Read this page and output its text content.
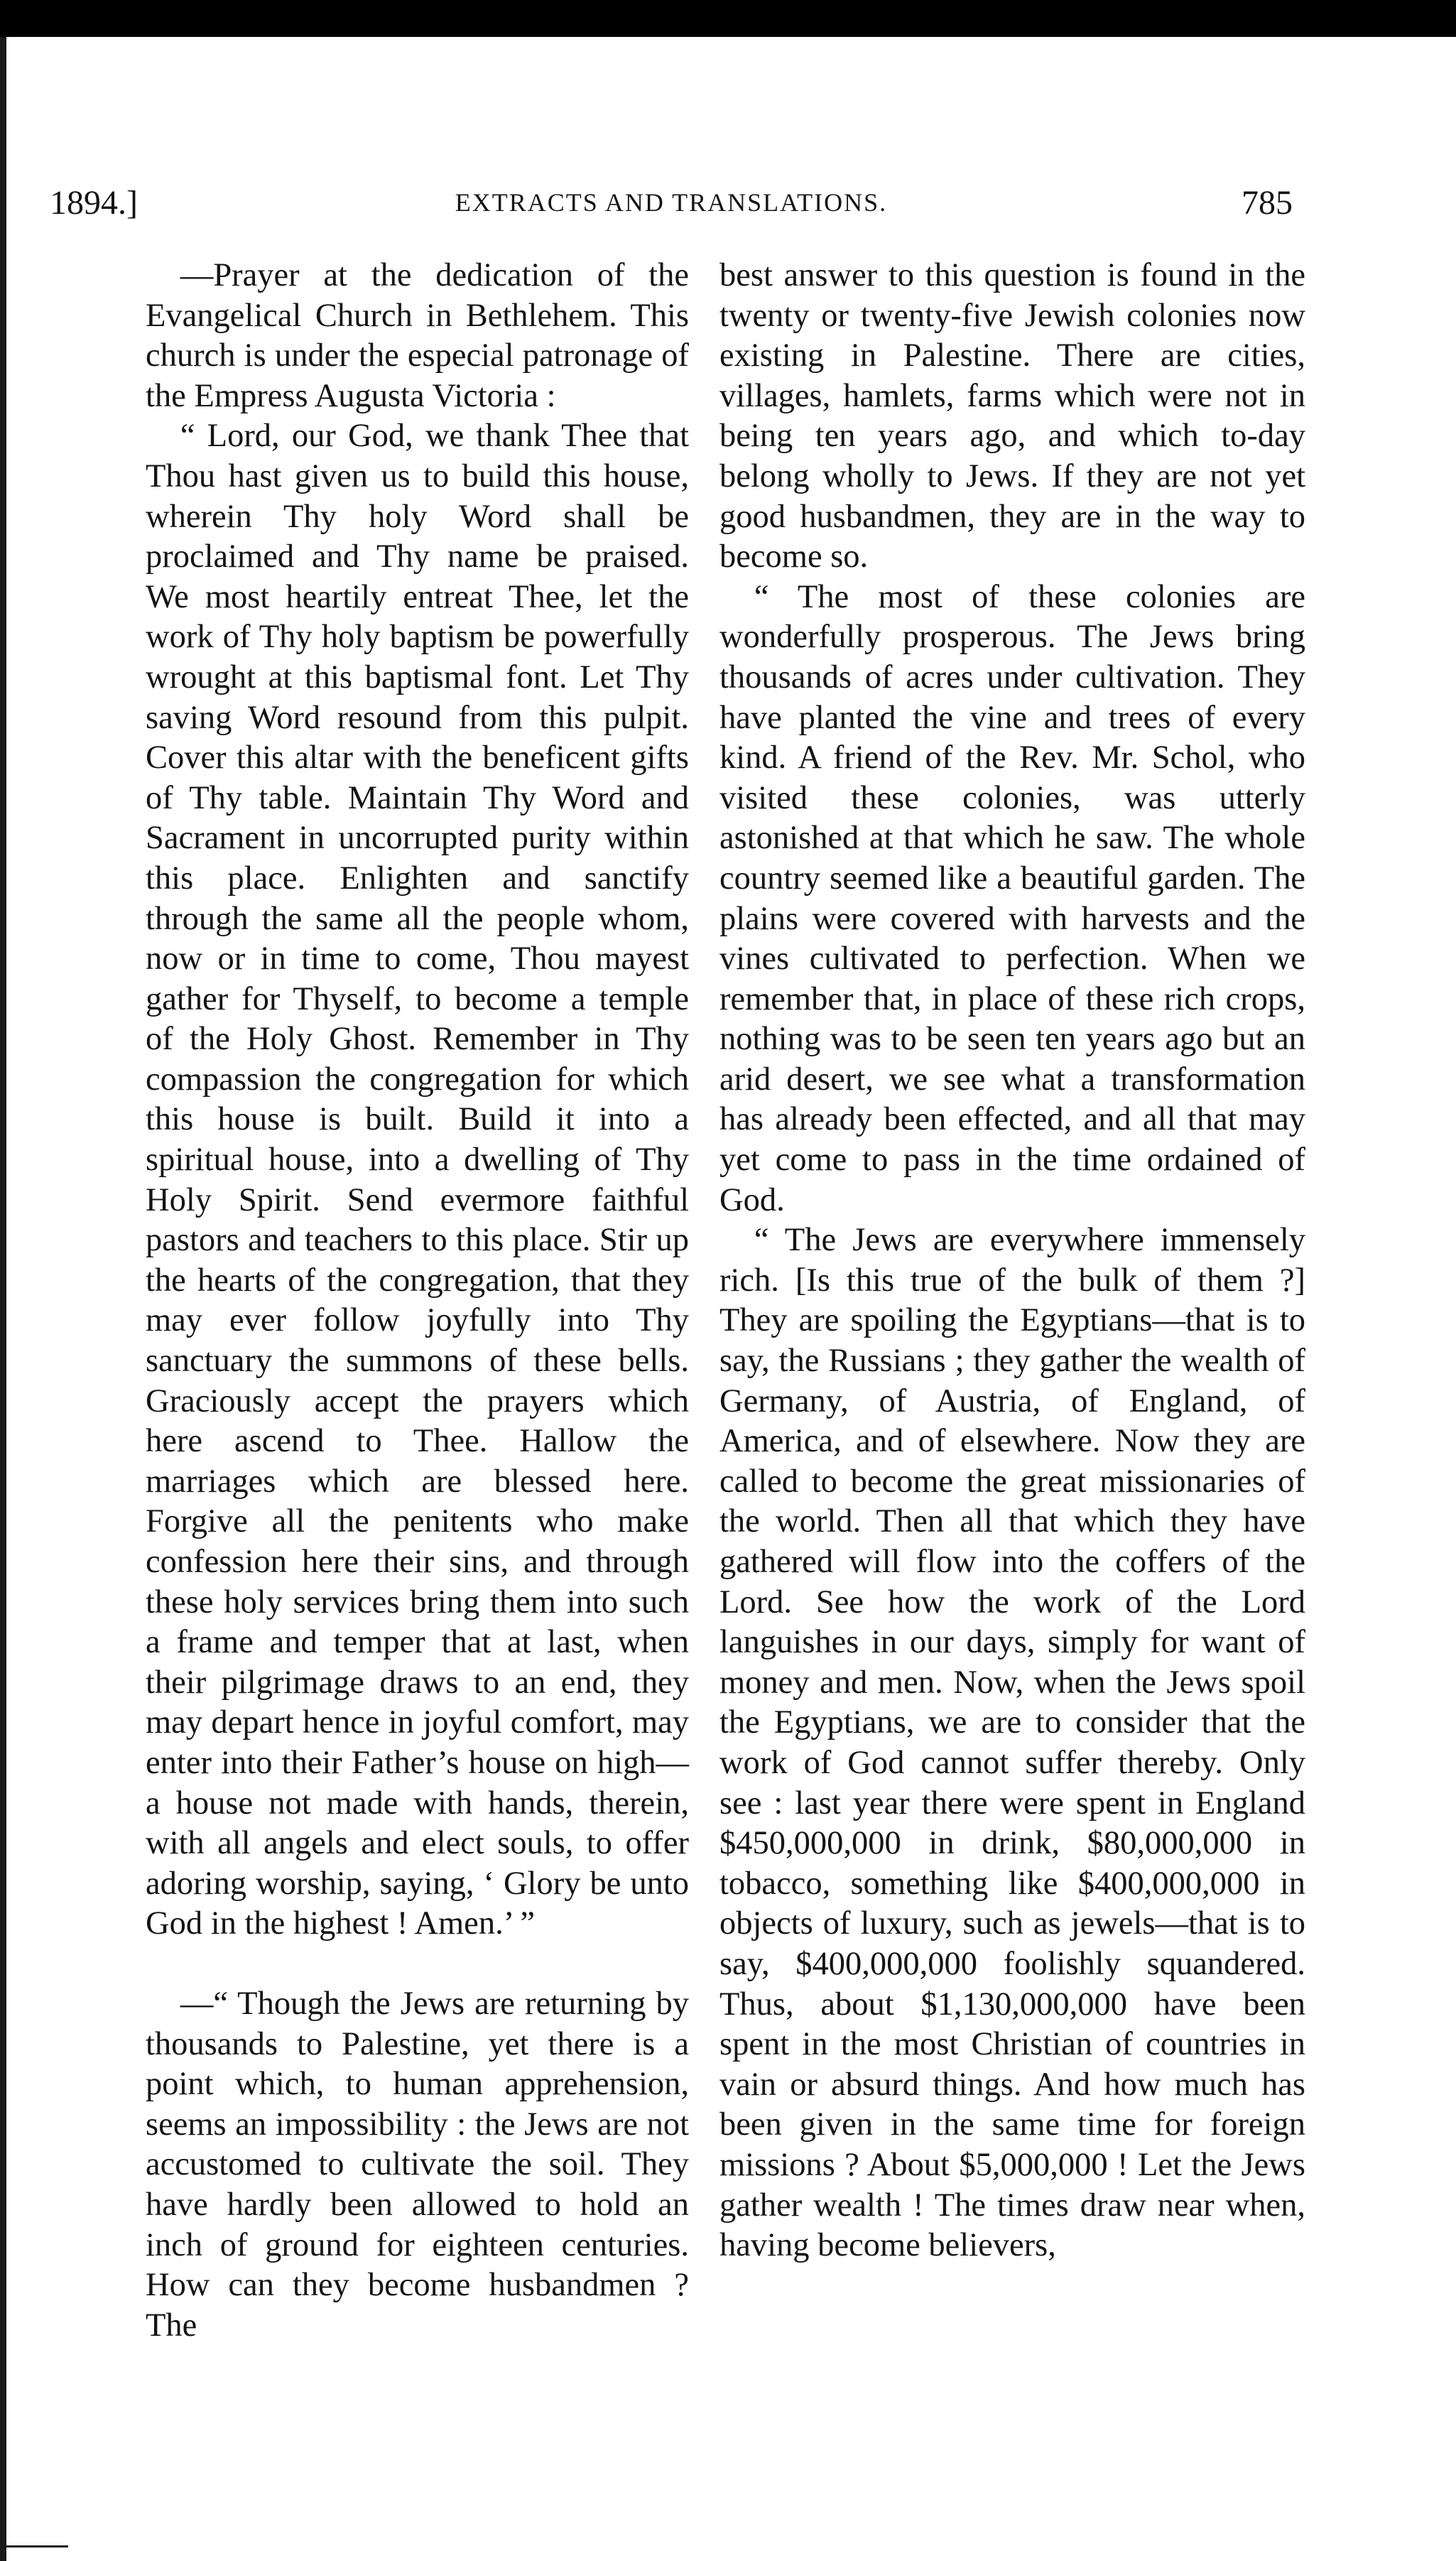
1894.]	EXTRACTS AND TRANSLATIONS.	785

—Prayer at the dedication of the Evangelical Church in Bethlehem. This church is under the especial patronage of the Empress Augusta Victoria :

“ Lord, our God, we thank Thee that Thou hast given us to build this house, wherein Thy holy Word shall be proclaimed and Thy name be praised. We most heartily entreat Thee, let the work of Thy holy baptism be powerfully wrought at this baptismal font. Let Thy saving Word resound from this pulpit. Cover this altar with the beneficent gifts of Thy table. Maintain Thy Word and Sacrament in uncorrupted purity within this place. Enlighten and sanctify through the same all the people whom, now or in time to come, Thou mayest gather for Thyself, to become a temple of the Holy Ghost. Remember in Thy compassion the congregation for which this house is built. Build it into a spiritual house, into a dwelling of Thy Holy Spirit. Send evermore faithful pastors and teachers to this place. Stir up the hearts of the congregation, that they may ever follow joyfully into Thy sanctuary the summons of these bells. Graciously accept the prayers which here ascend to Thee. Hallow the marriages which are blessed here. Forgive all the penitents who make confession here their sins, and through these holy services bring them into such a frame and temper that at last, when their pilgrimage draws to an end, they may depart hence in joyful comfort, may enter into their Father’s house on high—a house not made with hands, therein, with all angels and elect souls, to offer adoring worship, saying, ‘ Glory be unto God in the highest ! Amen.’ ”

—“ Though the Jews are returning by thousands to Palestine, yet there is a point which, to human apprehension, seems an impossibility : the Jews are not accustomed to cultivate the soil. They have hardly been allowed to hold an inch of ground for eighteen centuries. How can they become husbandmen ? The

best answer to this question is found in the twenty or twenty-five Jewish colonies now existing in Palestine. There are cities, villages, hamlets, farms which were not in being ten years ago, and which to-day belong wholly to Jews. If they are not yet good husbandmen, they are in the way to become so.

“ The most of these colonies are wonderfully prosperous. The Jews bring thousands of acres under cultivation. They have planted the vine and trees of every kind. A friend of the Rev. Mr. Schol, who visited these colonies, was utterly astonished at that which he saw. The whole country seemed like a beautiful garden. The plains were covered with harvests and the vines cultivated to perfection. When we remember that, in place of these rich crops, nothing was to be seen ten years ago but an arid desert, we see what a transformation has already been effected, and all that may yet come to pass in the time ordained of God.

“ The Jews are everywhere immensely rich. [Is this true of the bulk of them ?] They are spoiling the Egyptians—that is to say, the Russians ; they gather the wealth of Germany, of Austria, of England, of America, and of elsewhere. Now they are called to become the great missionaries of the world. Then all that which they have gathered will flow into the coffers of the Lord. See how the work of the Lord languishes in our days, simply for want of money and men. Now, when the Jews spoil the Egyptians, we are to consider that the work of God cannot suffer thereby. Only see : last year there were spent in England $450,000,000 in drink, $80,000,000 in tobacco, something like $400,000,000 in objects of luxury, such as jewels—that is to say, $400,000,000 foolishly squandered. Thus, about $1,130,000,000 have been spent in the most Christian of countries in vain or absurd things. And how much has been given in the same time for foreign missions ? About $5,000,000 ! Let the Jews gather wealth ! The times draw near when, having become believers,
